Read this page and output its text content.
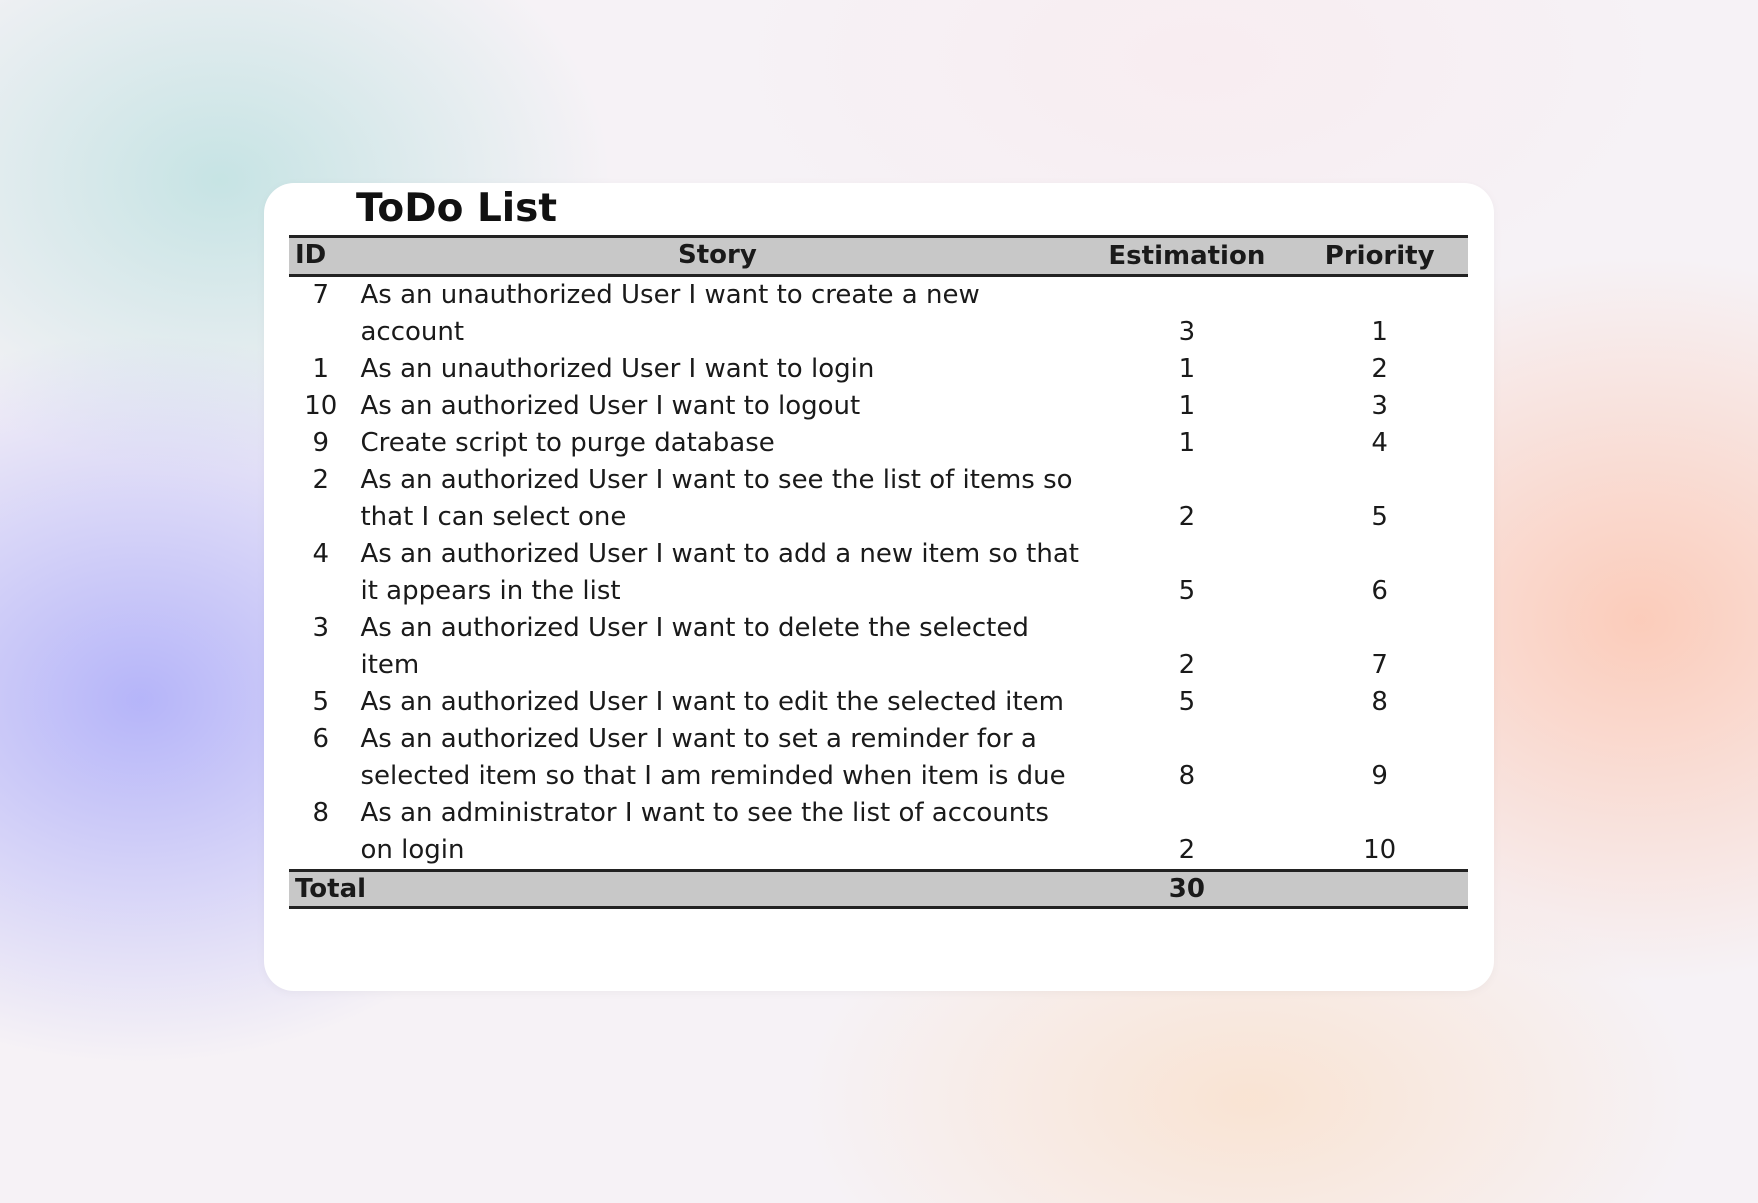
ToDo List
ID	Story	Estimation	Priority
7	As an unauthorized User I want to create a new account	3	1
1	As an unauthorized User I want to login	1	2
10	As an authorized User I want to logout	1	3
9	Create script to purge database	1	4
2	As an authorized User I want to see the list of items so that I can select one	2	5
4	As an authorized User I want to add a new item so that it appears in the list	5	6
3	As an authorized User I want to delete the selected item	2	7
5	As an authorized User I want to edit the selected item	5	8
6	As an authorized User I want to set a reminder for a selected item so that I am reminded when item is due	8	9
8	As an administrator I want to see the list of accounts on login	2	10
Total		30	
